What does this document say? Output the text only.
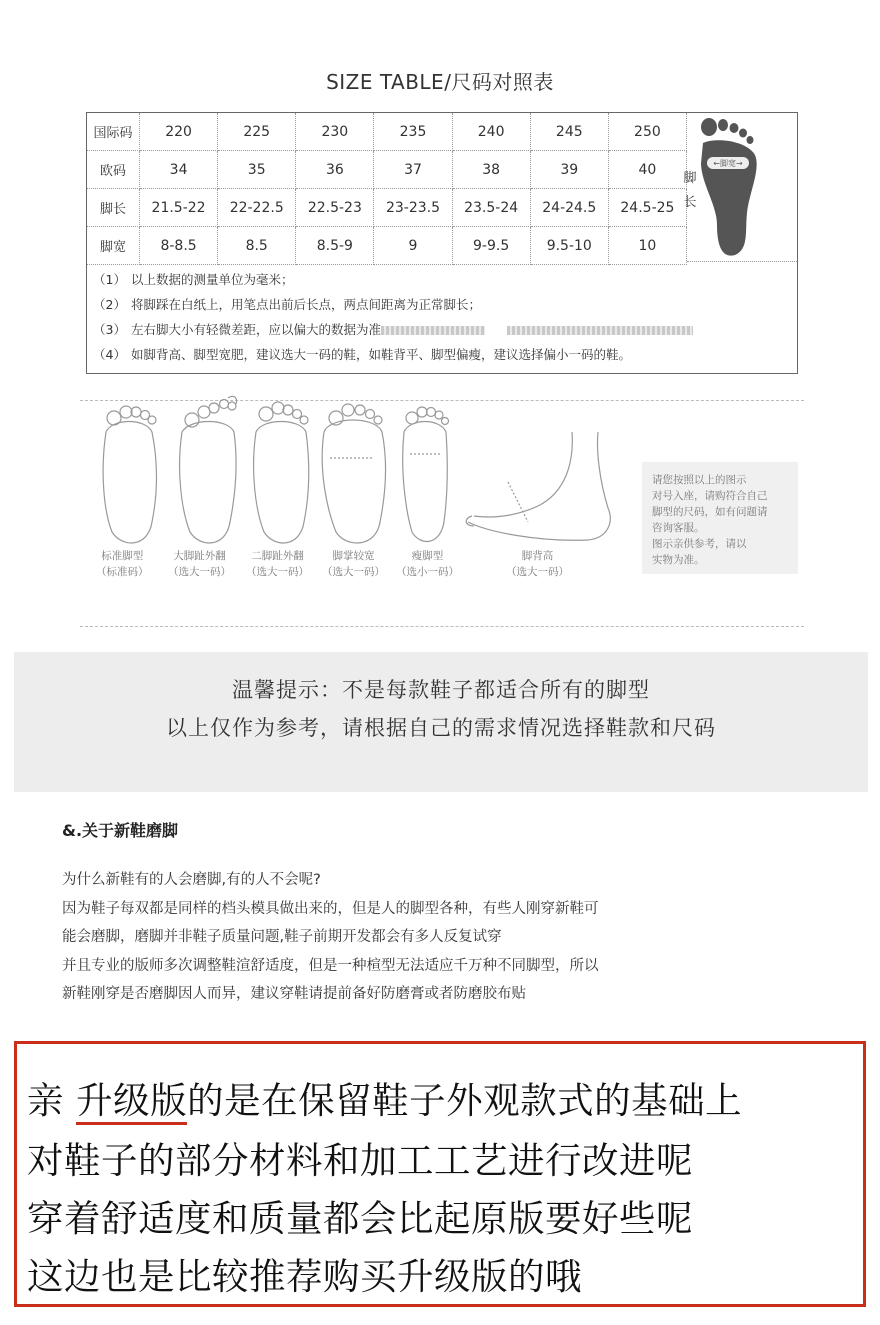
SIZE TABLE/尺码对照表
国际码	220	225	230	235	240	245	250
欧码	34	35	36	37	38	39	40
脚长	21.5-22	22-22.5	22.5-23	23-23.5	23.5-24	24-24.5	24.5-25
脚宽	8-8.5	8.5	8.5-9	9	9-9.5	9.5-10	10
←脚宽→
脚
长
（1） 以上数据的测量单位为毫米；
（2） 将脚踩在白纸上，用笔点出前后长点，两点间距离为正常脚长；
（3） 左右脚大小有轻微差距，应以偏大的数据为准
（4） 如脚背高、脚型宽肥，建议选大一码的鞋，如鞋背平、脚型偏瘦，建议选择偏小一码的鞋。
标准脚型
（标准码）
大脚趾外翻
（选大一码）
二脚趾外翻
（选大一码）
脚掌较宽
（选大一码）
瘦脚型
（选小一码）
脚背高
（选大一码）
请您按照以上的图示
对号入座，请购符合自己
脚型的尺码，如有问题请
咨询客服。
图示亲供参考，请以
实物为准。
温馨提示：不是每款鞋子都适合所有的脚型
以上仅作为参考，请根据自己的需求情况选择鞋款和尺码
&.关于新鞋磨脚
为什么新鞋有的人会磨脚,有的人不会呢?
因为鞋子每双都是同样的档头模具做出来的，但是人的脚型各种，有些人刚穿新鞋可
能会磨脚，磨脚并非鞋子质量问题,鞋子前期开发都会有多人反复试穿
并且专业的版师多次调整鞋渲舒适度，但是一种楦型无法适应千万种不同脚型，所以
新鞋刚穿是否磨脚因人而异，建议穿鞋请提前备好防磨膏或者防磨胶布贴
亲 升级版的是在保留鞋子外观款式的基础上
对鞋子的部分材料和加工工艺进行改进呢
穿着舒适度和质量都会比起原版要好些呢
这边也是比较推荐购买升级版的哦
